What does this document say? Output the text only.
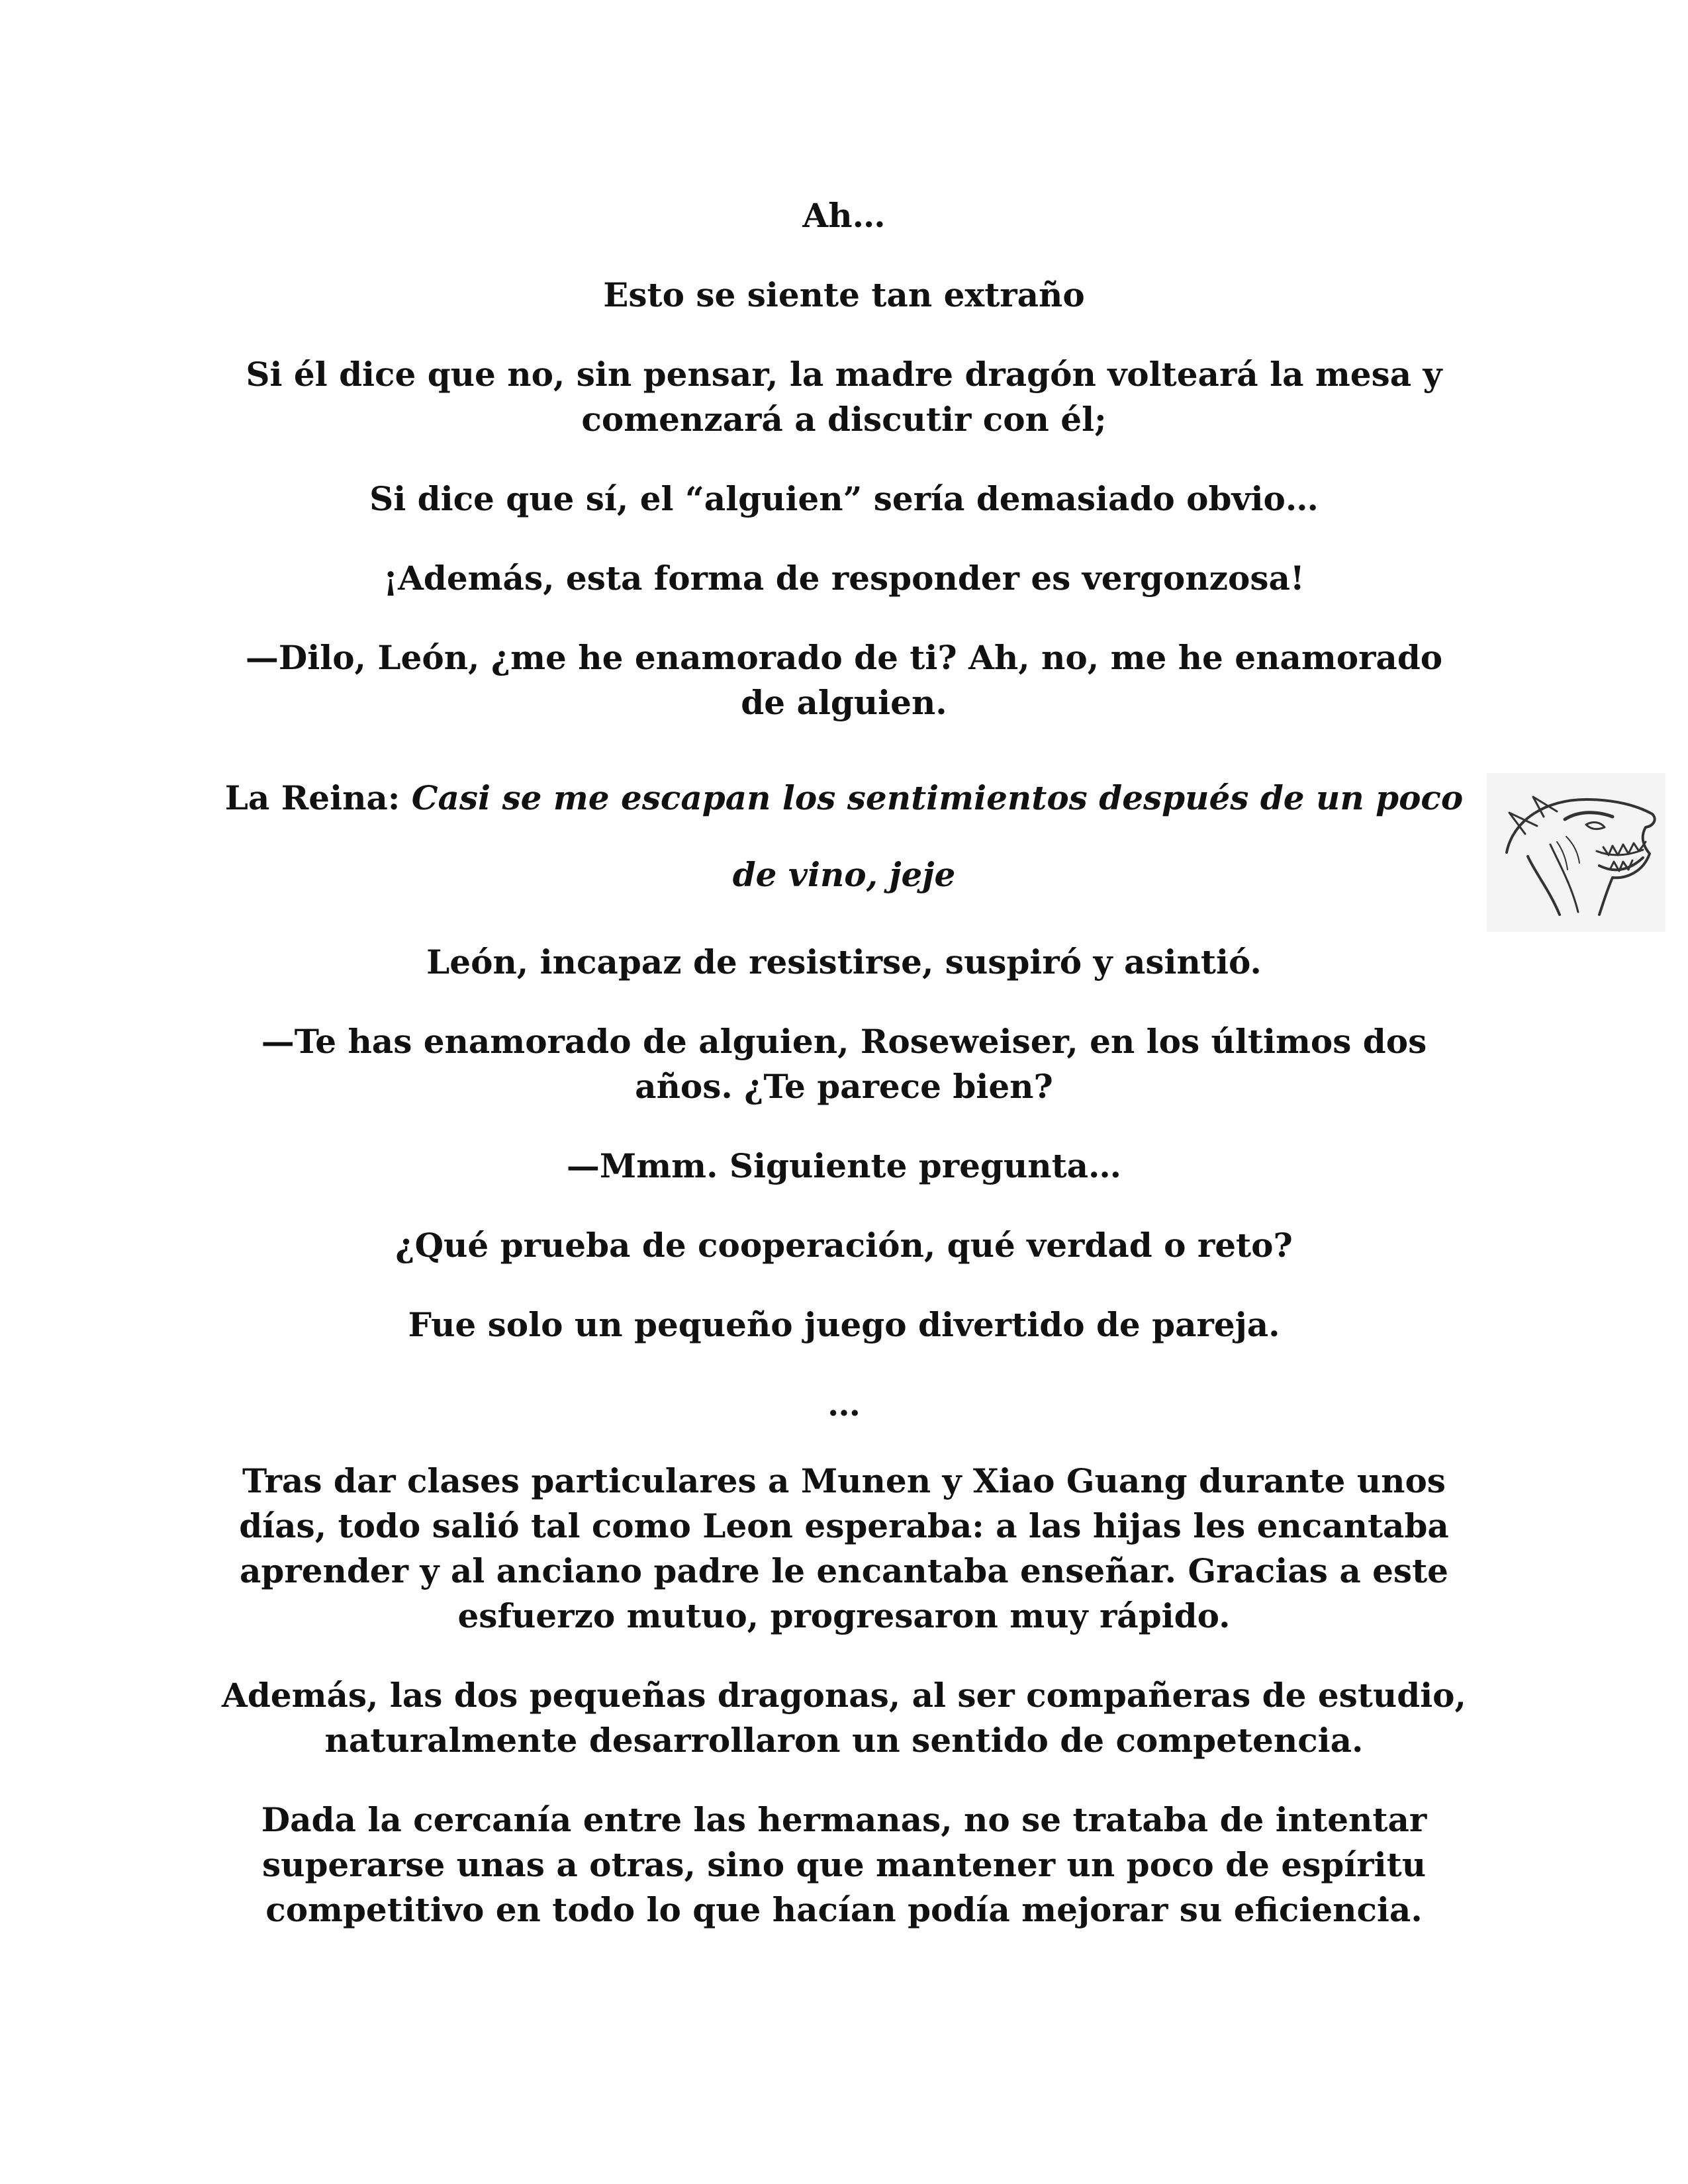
Ah…

Esto se siente tan extraño

Si él dice que no, sin pensar, la madre dragón volteará la mesa y comenzará a discutir con él;

Si dice que sí, el “alguien” sería demasiado obvio…

¡Además, esta forma de responder es vergonzosa!

—Dilo, León, ¿me he enamorado de ti? Ah, no, me he enamorado de alguien.

La Reina: Casi se me escapan los sentimientos después de un poco de vino, jeje

León, incapaz de resistirse, suspiró y asintió.

—Te has enamorado de alguien, Roseweiser, en los últimos dos años. ¿Te parece bien?

—Mmm. Siguiente pregunta…

¿Qué prueba de cooperación, qué verdad o reto?

Fue solo un pequeño juego divertido de pareja.

…

Tras dar clases particulares a Munen y Xiao Guang durante unos días, todo salió tal como Leon esperaba: a las hijas les encantaba aprender y al anciano padre le encantaba enseñar. Gracias a este esfuerzo mutuo, progresaron muy rápido.

Además, las dos pequeñas dragonas, al ser compañeras de estudio, naturalmente desarrollaron un sentido de competencia.

Dada la cercanía entre las hermanas, no se trataba de intentar superarse unas a otras, sino que mantener un poco de espíritu competitivo en todo lo que hacían podía mejorar su eficiencia.
